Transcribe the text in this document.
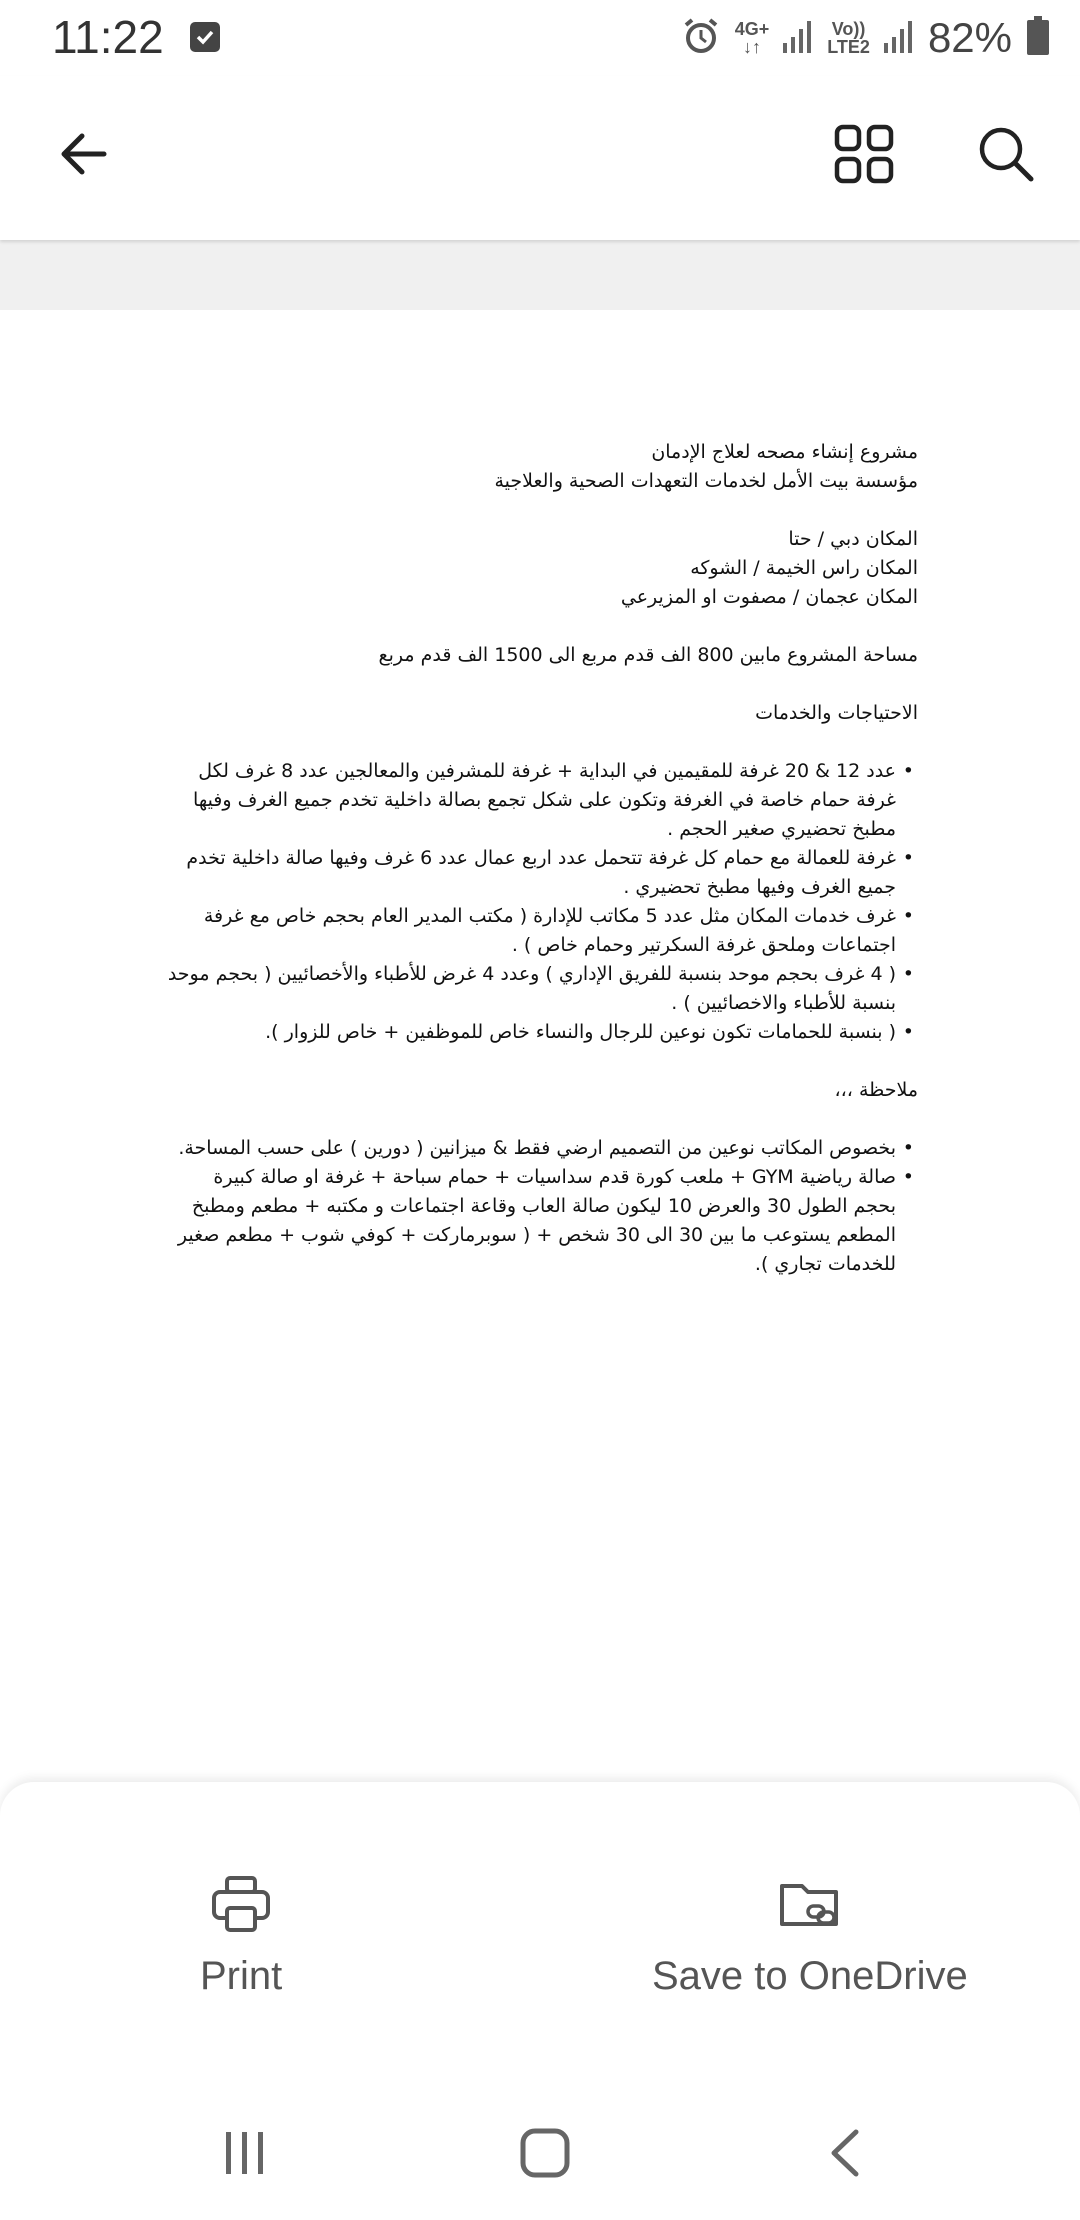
11:22	4G+
↓↑
Vo))
LTE2 82%
مشروع إنشاء مصحه لعلاج الإدمان
مؤسسة بيت الأمل لخدمات التعهدات الصحية والعلاجية
المكان دبي / حتا
المكان راس الخيمة / الشوكه
المكان عجمان / مصفوت او المزيرعي
مساحة المشروع مابين 800 الف قدم مربع الى 1500 الف قدم مربع
الاحتياجات والخدمات
• عدد 12 & 20 غرفة للمقيمين في البداية + غرفة للمشرفين والمعالجين عدد 8 غرف لكل غرفة حمام خاصة في الغرفة وتكون على شكل تجمع بصالة داخلية تخدم جميع الغرف وفيها مطبخ تحضيري صغير الحجم .
• غرفة للعمالة مع حمام كل غرفة تتحمل عدد اربع عمال عدد 6 غرف وفيها صالة داخلية تخدم جميع الغرف وفيها مطبخ تحضيري .
• غرف خدمات المكان مثل عدد 5 مكاتب للإدارة ( مكتب المدير العام بحجم خاص مع غرفة اجتماعات وملحق غرفة السكرتير وحمام خاص ) .
• ( 4 غرف بحجم موحد بنسبة للفريق الإداري ) وعدد 4 غرض للأطباء والأخصائيين ( بحجم موحد بنسبة للأطباء والاخصائيين ) .
• ( بنسبة للحمامات تكون نوعين للرجال والنساء خاص للموظفين + خاص للزوار ).
ملاحظة ،،،
• بخصوص المكاتب نوعين من التصميم ارضي فقط & ميزانين ( دورين ) على حسب المساحة.
• صالة رياضية GYM + ملعب كورة قدم سداسيات + حمام سباحة + غرفة او صالة كبيرة بحجم الطول 30 والعرض 10 ليكون صالة العاب وقاعة اجتماعات و مكتبه + مطعم ومطبخ المطعم يستوعب ما بين 30 الى 30 شخص + ( سوبرماركت + كوفي شوب + مطعم صغير للخدمات تجاري ).
Print	Save to OneDrive
